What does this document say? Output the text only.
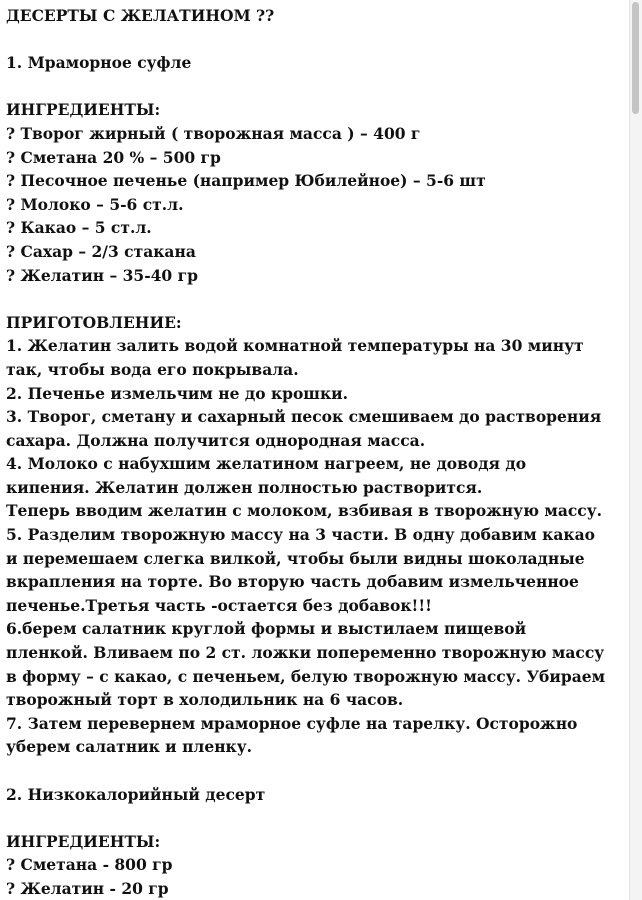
ДЕСЕРТЫ С ЖЕЛАТИНОМ ??
1. Мраморное суфле
ИНГРЕДИЕНТЫ:
? Творог жирный ( творожная масса ) – 400 г
? Сметана 20 % – 500 гр
? Песочное печенье (например Юбилейное) – 5-6 шт
? Молоко – 5-6 ст.л.
? Какао – 5 ст.л.
? Сахар – 2/3 стакана
? Желатин – 35-40 гр
ПРИГОТОВЛЕНИЕ:
1. Желатин залить водой комнатной температуры на 30 минут
так, чтобы вода его покрывала.
2. Печенье измельчим не до крошки.
3. Творог, сметану и сахарный песок смешиваем до растворения
сахара. Должна получится однородная масса.
4. Молоко с набухшим желатином нагреем, не доводя до
кипения. Желатин должен полностью растворится.
Теперь вводим желатин с молоком, взбивая в творожную массу.
5. Разделим творожную массу на 3 части. В одну добавим какао
и перемешаем слегка вилкой, чтобы были видны шоколадные
вкрапления на торте. Во вторую часть добавим измельченное
печенье.Третья часть -остается без добавок!!!
6.берем салатник круглой формы и выстилаем пищевой
пленкой. Вливаем по 2 ст. ложки попеременно творожную массу
в форму – с какао, с печеньем, белую творожную массу. Убираем
творожный торт в холодильник на 6 часов.
7. Затем перевернем мраморное суфле на тарелку. Осторожно
уберем салатник и пленку.
2. Низкокалорийный десерт
ИНГРЕДИЕНТЫ:
? Сметана - 800 гр
? Желатин - 20 гр
